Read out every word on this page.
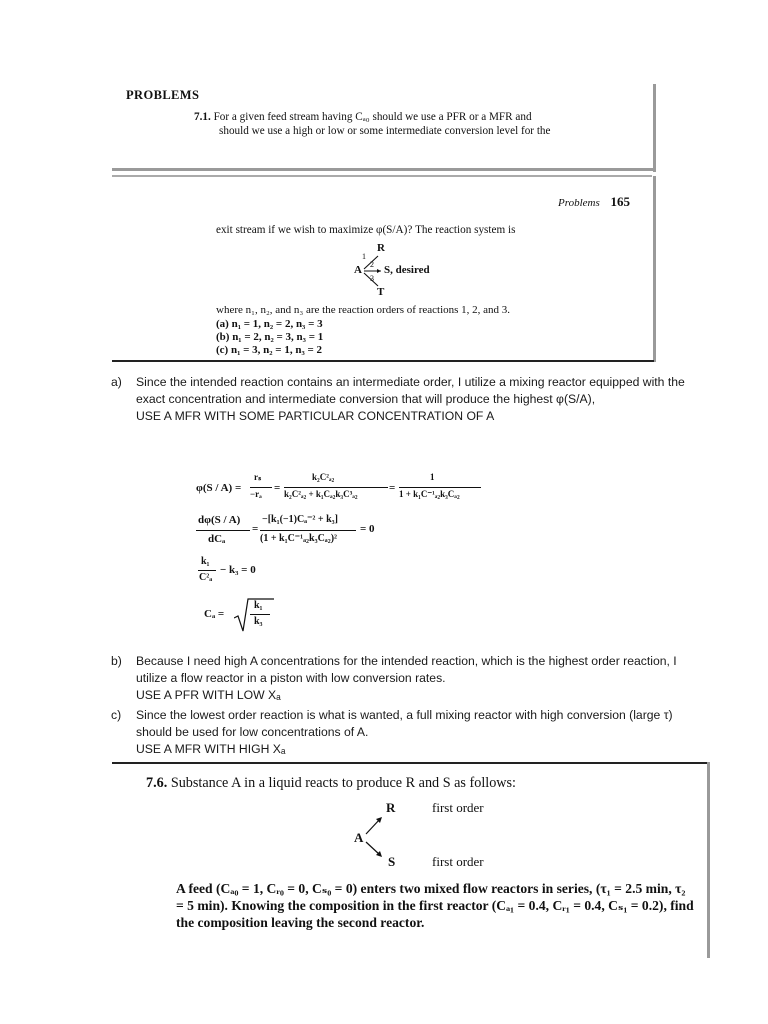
PROBLEMS
7.1. For a given feed stream having Cₐ₀ should we use a PFR or a MFR and
should we use a high or low or some intermediate conversion level for the
Problems 165
exit stream if we wish to maximize φ(S/A)? The reaction system is
A
R
S, desired
T
1
2
3
where n₁, n₂, and n₃ are the reaction orders of reactions 1, 2, and 3.
(a) n₁ = 1, n₂ = 2, n₃ = 3
(b) n₁ = 2, n₂ = 3, n₃ = 1
(c) n₁ = 3, n₂ = 1, n₃ = 2
a) Since the intended reaction contains an intermediate order, I utilize a mixing reactor equipped with the exact concentration and intermediate conversion that will produce the highest φ(S/A),
USE A MFR WITH SOME PARTICULAR CONCENTRATION OF A
φ(S / A) =
rₛ
−rₐ =
k₂C²ₐ₂
k₂C²ₐ₂ + k₁Cₐ₂k₃C³ₐ₂	=
1
1 + k₁C⁻¹ₐ₂k₃Cₐ₂
dφ(S / A)
dCₐ
=
−[k₁(−1)Cₐ⁻² + k₃]
(1 + k₁C⁻¹ₐ₂k₃Cₐ₂)²
= 0
k₁
C²ₐ
− k₃ = 0
Cₐ =
k₁
k₃
b) Because I need high A concentrations for the intended reaction, which is the highest order reaction, I utilize a flow reactor in a piston with low conversion rates.
USE A PFR WITH LOW Xₐ
c) Since the lowest order reaction is what is wanted, a full mixing reactor with high conversion (large τ) should be used for low concentrations of A.
USE A MFR WITH HIGH Xₐ
7.6. Substance A in a liquid reacts to produce R and S as follows:
R	first order
A
S	first order
A feed (Cₐ₀ = 1, Cᵣ₀ = 0, Cₛ₀ = 0) enters two mixed flow reactors in series, (τ₁ = 2.5 min, τ₂ = 5 min). Knowing the composition in the first reactor (Cₐ₁ = 0.4, Cᵣ₁ = 0.4, Cₛ₁ = 0.2), find the composition leaving the second reactor.
